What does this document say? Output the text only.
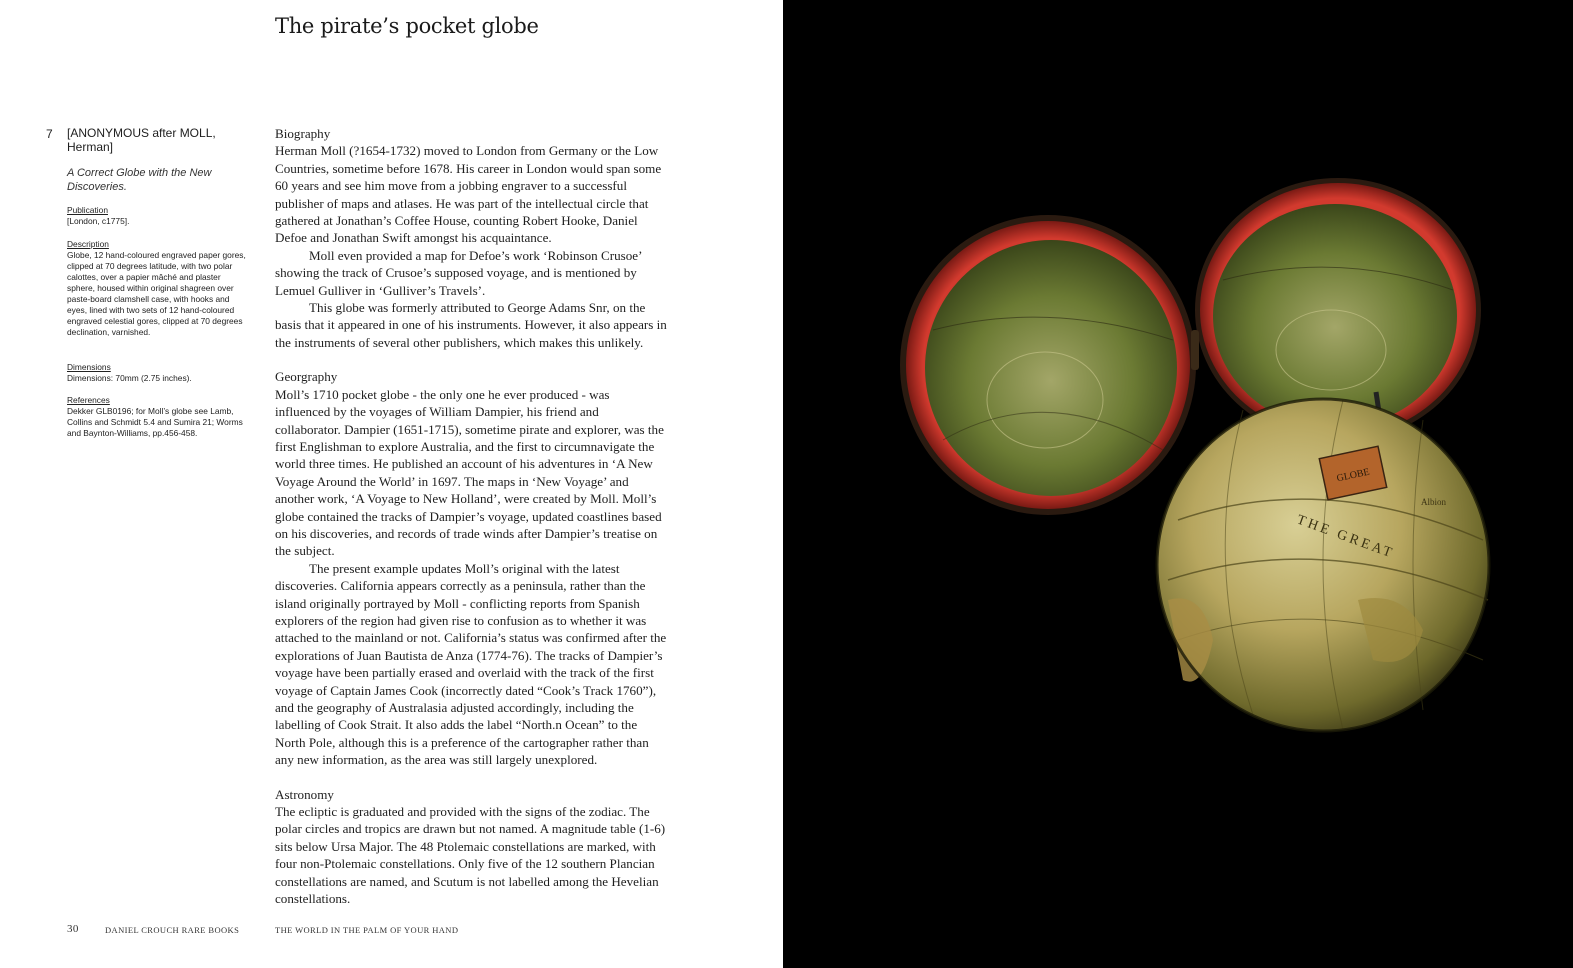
The pirate’s pocket globe
7 [ANONYMOUS after MOLL, Herman]
A Correct Globe with the New Discoveries.
Publication
[London, c1775].
Description
Globe, 12 hand-coloured engraved paper gores, clipped at 70 degrees latitude, with two polar calottes, over a papier mâché and plaster sphere, housed within original shagreen over paste-board clamshell case, with hooks and eyes, lined with two sets of 12 hand-coloured engraved celestial gores, clipped at 70 degrees declination, varnished.
Dimensions
Dimensions: 70mm (2.75 inches).
References
Dekker GLB0196; for Moll’s globe see Lamb, Collins and Schmidt 5.4 and Sumira 21; Worms and Baynton-Williams, pp.456-458.
Biography

Herman Moll (?1654-1732) moved to London from Germany or the Low Countries, sometime before 1678. His career in London would span some 60 years and see him move from a jobbing engraver to a successful publisher of maps and atlases. He was part of the intellectual circle that gathered at Jonathan’s Coffee House, counting Robert Hooke, Daniel Defoe and Jonathan Swift amongst his acquaintance.

Moll even provided a map for Defoe’s work ‘Robinson Crusoe’ showing the track of Crusoe’s supposed voyage, and is mentioned by Lemuel Gulliver in ‘Gulliver’s Travels’.

This globe was formerly attributed to George Adams Snr, on the basis that it appeared in one of his instruments. However, it also appears in the instruments of several other publishers, which makes this unlikely.

Georgraphy

Moll’s 1710 pocket globe - the only one he ever produced - was influenced by the voyages of William Dampier, his friend and collaborator. Dampier (1651-1715), sometime pirate and explorer, was the first Englishman to explore Australia, and the first to circumnavigate the world three times. He published an account of his adventures in ‘A New Voyage Around the World’ in 1697. The maps in ‘New Voyage’ and another work, ‘A Voyage to New Holland’, were created by Moll. Moll’s globe contained the tracks of Dampier’s voyage, updated coastlines based on his discoveries, and records of trade winds after Dampier’s treatise on the subject.

The present example updates Moll’s original with the latest discoveries. California appears correctly as a peninsula, rather than the island originally portrayed by Moll - conflicting reports from Spanish explorers of the region had given rise to confusion as to whether it was attached to the mainland or not. California’s status was confirmed after the explorations of Juan Bautista de Anza (1774-76). The tracks of Dampier’s voyage have been partially erased and overlaid with the track of the first voyage of Captain James Cook (incorrectly dated “Cook’s Track 1760”), and the geography of Australasia adjusted accordingly, including the labelling of Cook Strait. It also adds the label “North.n Ocean” to the North Pole, although this is a preference of the cartographer rather than any new information, as the area was still largely unexplored.

Astronomy

The ecliptic is graduated and provided with the signs of the zodiac. The polar circles and tropics are drawn but not named. A magnitude table (1-6) sits below Ursa Major. The 48 Ptolemaic constellations are marked, with four non-Ptolemaic constellations. Only five of the 12 southern Plancian constellations are named, and Scutum is not labelled among the Hevelian constellations.

30	DANIEL CROUCH RARE BOOKS	THE WORLD IN THE PALM OF YOUR HAND
GLOBE
THE GREAT
Albion
